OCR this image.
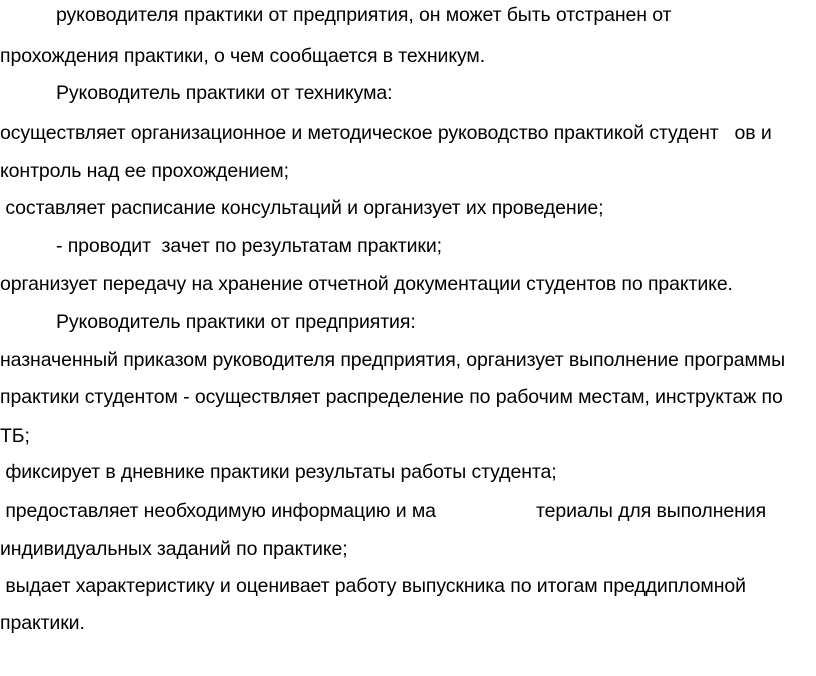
руководителя практики от предприятия, он может быть отстранен от
прохождения практики, о чем сообщается в техникум.
Руководитель практики от техникума:
осуществляет организационное и методическое руководство практикой студент   ов и
контроль над ее прохождением;
составляет расписание консультаций и организует их проведение;
- проводит  зачет по результатам практики;
организует передачу на хранение отчетной документации студентов по практике.
Руководитель практики от предприятия:
назначенный приказом руководителя предприятия, организует выполнение программы
практики студентом - осуществляет распределение по рабочим местам, инструктаж по
ТБ;
фиксирует в дневнике практики результаты работы студента;
предоставляет необходимую информацию и ма	териалы для выполнения
индивидуальных заданий по практике;
выдает характеристику и оценивает работу выпускника по итогам преддипломной
практики.
